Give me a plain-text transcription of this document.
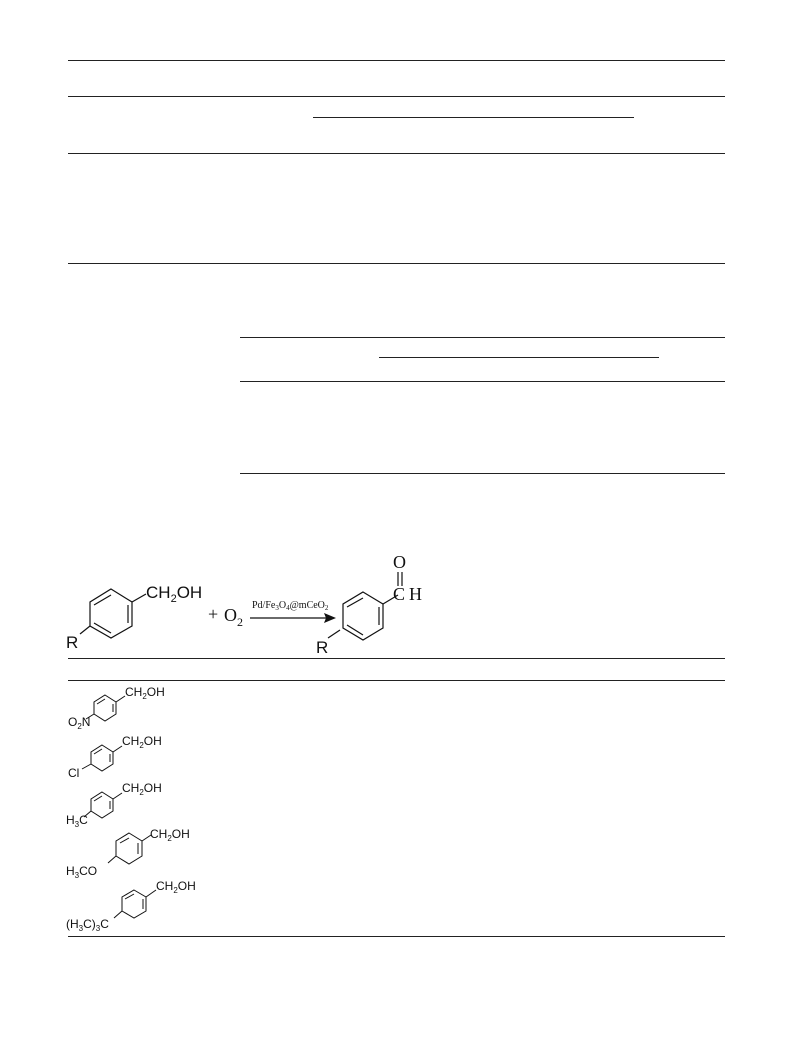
$CH_2OH$
R
+ $O_2$
$Pd/Fe_3O_4@mCeO_2$
O
C H
R
$CH_2OH$
$O_2N$
$CH_2OH$
Cl
$CH_2OH$
$H_3C$
$CH_2OH$
$H_3CO$
$CH_2OH$
$(H_3C)_3C$
